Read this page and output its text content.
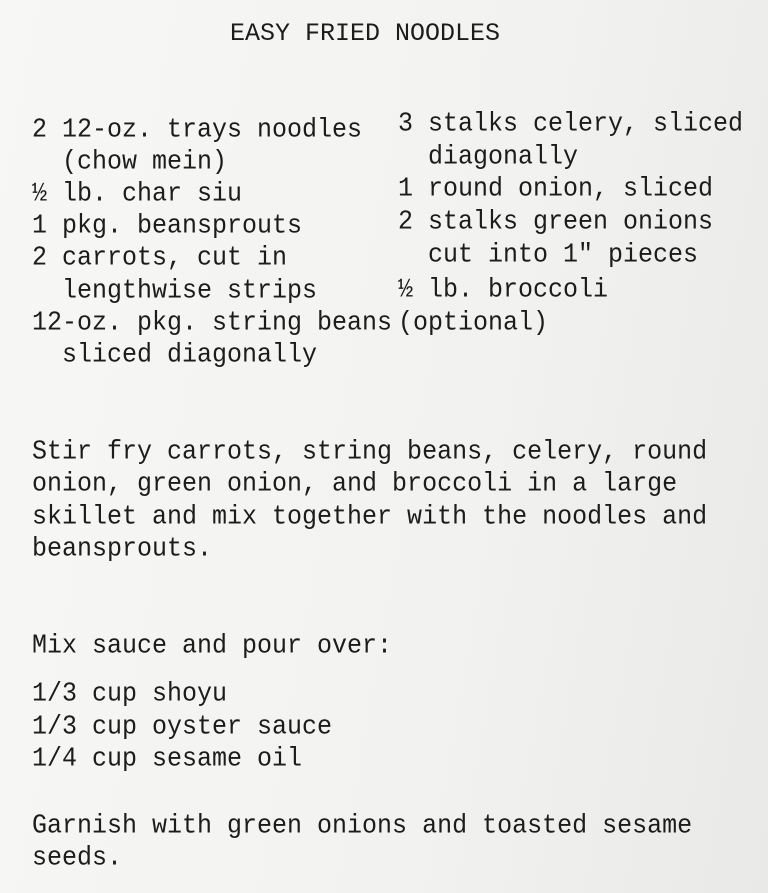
EASY FRIED NOODLES
2 12-oz. trays noodles
(chow mein)
½ lb. char siu
1 pkg. beansprouts
2 carrots, cut in
lengthwise strips
12-oz. pkg. string beans
sliced diagonally
3 stalks celery, sliced
diagonally
1 round onion, sliced
2 stalks green onions
cut into 1" pieces
½ lb. broccoli
(optional)
Stir fry carrots, string beans, celery, round
onion, green onion, and broccoli in a large
skillet and mix together with the noodles and
beansprouts.
Mix sauce and pour over:
1/3 cup shoyu
1/3 cup oyster sauce
1/4 cup sesame oil
Garnish with green onions and toasted sesame
seeds.
